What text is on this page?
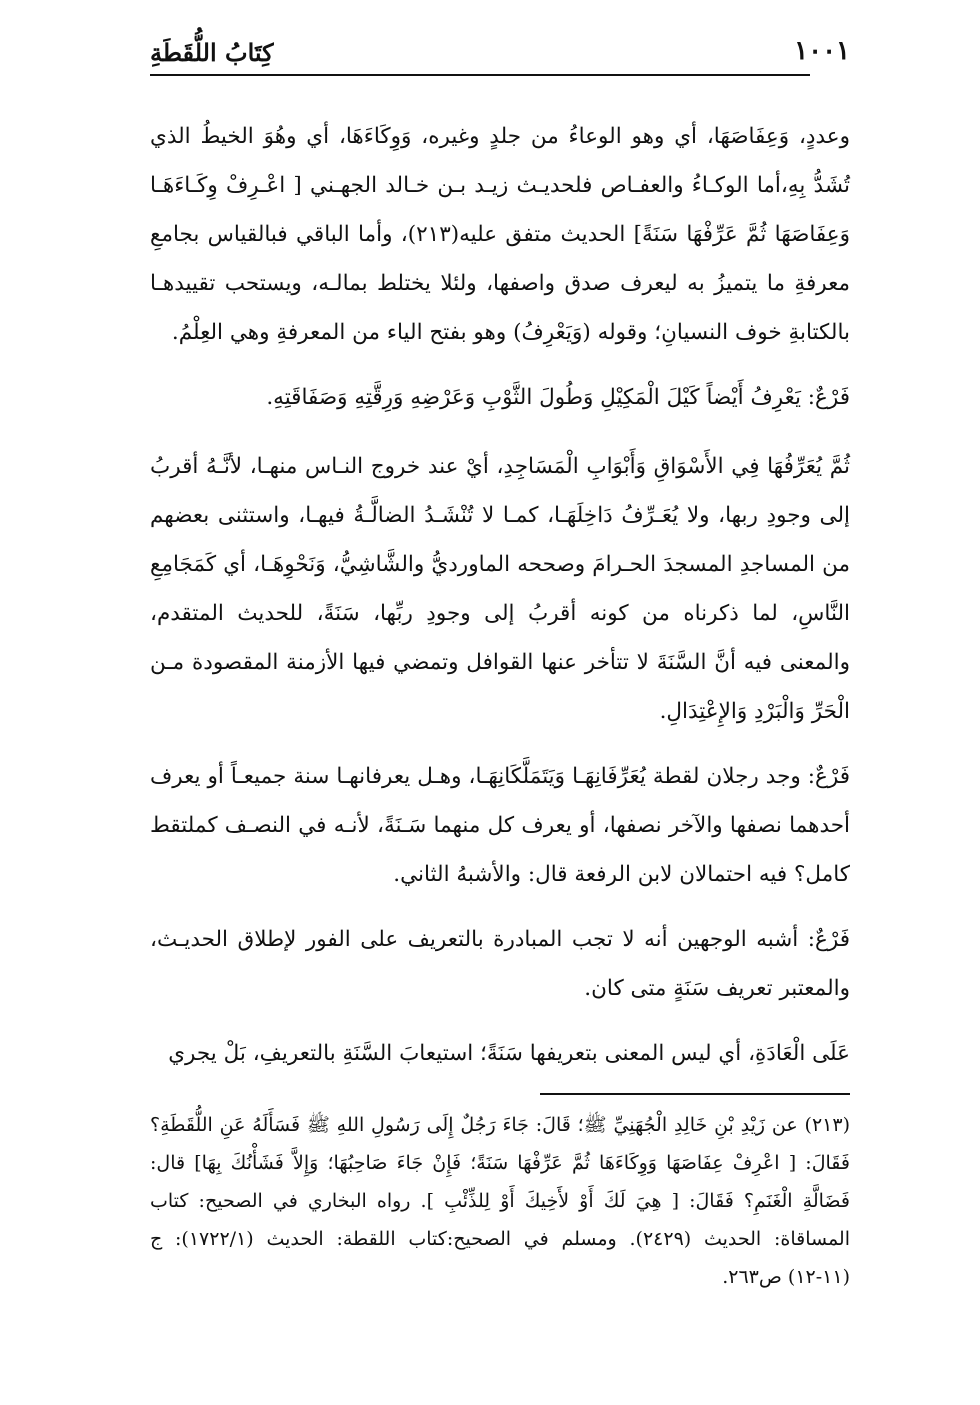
١٠٠١
كِتَابُ اللُّقَطَةِ

وعددٍ، وَعِفَاصَهَا، أي وهو الوعاءُ من جلدٍ وغيره، وَوِكَاءَهَا، أي وهُوَ الخيطُ الذي تُشَدُّ بِهِ،أما الوكـاءُ والعفـاص فلحديـث زيـد بـن خـالد الجهـني [ اعْـرِفْ وِكَـاءَهَـا وَعِفَاصَهَا ثُمَّ عَرِّفْهَا سَنَةً] الحديث متفق عليه(٢١٣)، وأما الباقي فبالقياس بجامعِ معرفةِ ما يتميزُ به ليعرف صدق واصفها، ولئلا يختلط بمالـه، ويستحب تقييدهـا بالكتابةِ خوف النسيانِ؛ وقوله (وَيَعْرِفُ) وهو بفتح الياء من المعرفةِ وهي العِلْمُ.

فَرْعٌ: يَعْرِفُ أَيْضاً كَيْلَ الْمَكِيْلِ وَطُولَ الثَّوْبِ وَعَرْضِهِ وَرِقَّتِهِ وَصَفَاقَتِهِ.

ثُمَّ يُعَرِّفُهَا فِي الأَسْوَاقِ وَأَبْوَابِ الْمَسَاجِدِ، أيْ عند خروج النـاس منهـا، لأنَّـهُ أقربُ إلى وجودِ ربها، ولا يُعَـرِّفُ دَاخِلَهَـا، كمـا لا تُنْشَـدُ الضالَّـةُ فيهـا، واستثنى بعضهم من المساجدِ المسجدَ الحـرامَ وصححه الماورديُّ والشَّاشِيُّ، وَنَحْوِهَـا، أي كَمَجَامِعِ النَّاسِ، لما ذكرناه من كونه أقربُ إلى وجودِ ربِّها، سَنَةً، للحديث المتقدم، والمعنى فيه أنَّ السَّنَةَ لا تتأخر عنها القوافل وتمضي فيها الأزمنة المقصودة مـن الْحَرِّ وَالْبَرْدِ وَالإِعْتِدَالِ.

فَرْعٌ: وجد رجلان لقطة يُعَرِّفَانِهَـا وَيَتَمَلَّكَانِهَـا، وهـل يعرفانهـا سنة جميعـاً أو يعرف أحدهما نصفها والآخر نصفها، أو يعرف كل منهما سَـنَةً، لأنـه في النصـف كملتقط كامل؟ فيه احتمالان لابن الرفعة قال: والأشبهُ الثاني.

فَرْعٌ: أشبه الوجهين أنه لا تجب المبادرة بالتعريف على الفور لإطلاق الحديـث، والمعتبر تعريف سَنَةٍ متى كان.

عَلَى الْعَادَةِ، أي ليس المعنى بتعريفها سَنَةً؛ استيعابَ السَّنَةِ بالتعريفِ، بَلْ يجري

(٢١٣) عن زَيْدِ بْنِ خَالِدِ الْجُهَنِيِّ ﷺ؛ قَالَ: جَاءَ رَجُلٌ إِلَى رَسُولِ اللهِ ﷺ فَسَأَلَهُ عَنِ اللُّقَطَةِ؟ فَقَالَ: [ اعْرِفْ عِفَاصَهَا وَوِكَاءَهَا ثُمَّ عَرِّفْهَا سَنَةً؛ فَإِنْ جَاءَ صَاحِبُهَا؛ وَإِلاَّ فَشَأْنُكَ بِهَا] قال: فَضَالَّةِ الْغَنَمِ؟ فَقَالَ: [ هِيَ لَكَ أَوْ لأَخِيكَ أَوْ لِلذِّئْبِ ]. رواه البخاري في الصحيح: كتاب المساقاة: الحديث (٢٤٢٩). ومسلم في الصحيح:كتاب اللقطة: الحديث (١٧٢٢/١): ج (١١-١٢) ص٢٦٣.
